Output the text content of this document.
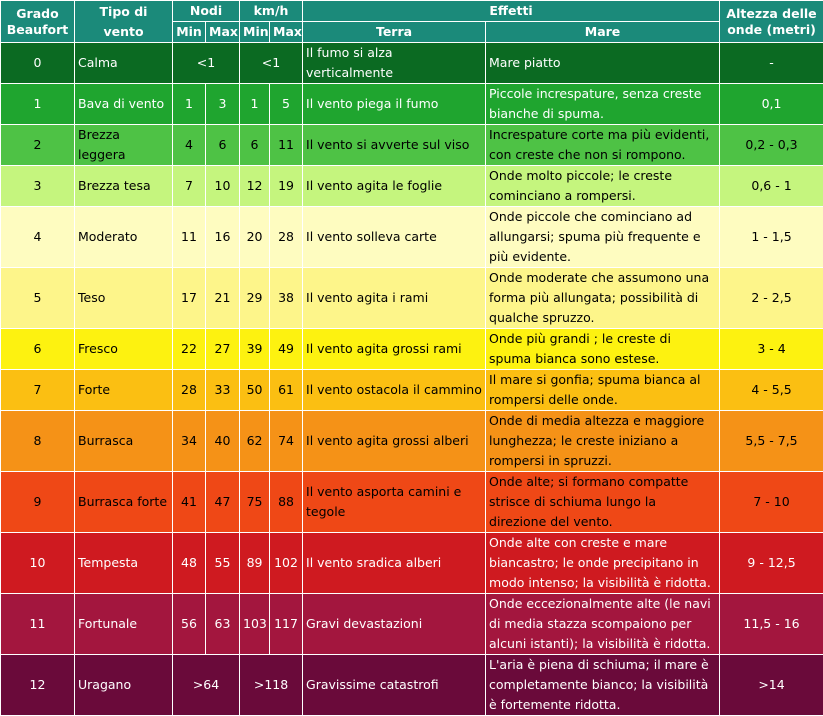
Grado Beaufort	Tipo di vento	Nodi		km/h		Effetti		Altezza delle onde (metri)
		Min	Max	Min	Max	Terra	Mare	
0	Calma	<1		<1		Il fumo si alza verticalmente	Mare piatto	-
1	Bava di vento	1	3	1	5	Il vento piega il fumo	Piccole increspature, senza creste bianche di spuma.	0,1
2	Brezza leggera	4	6	6	11	Il vento si avverte sul viso	Increspature corte ma più evidenti, con creste che non si rompono.	0,2 - 0,3
3	Brezza tesa	7	10	12	19	Il vento agita le foglie	Onde molto piccole; le creste cominciano a rompersi.	0,6 - 1
4	Moderato	11	16	20	28	Il vento solleva carte	Onde piccole che cominciano ad allungarsi; spuma più frequente e più evidente.	1 - 1,5
5	Teso	17	21	29	38	Il vento agita i rami	Onde moderate che assumono una forma più allungata; possibilità di qualche spruzzo.	2 - 2,5
6	Fresco	22	27	39	49	Il vento agita grossi rami	Onde più grandi ; le creste di spuma bianca sono estese.	3 - 4
7	Forte	28	33	50	61	Il vento ostacola il cammino	Il mare si gonfia; spuma bianca al rompersi delle onde.	4 - 5,5
8	Burrasca	34	40	62	74	Il vento agita grossi alberi	Onde di media altezza e maggiore lunghezza; le creste iniziano a rompersi in spruzzi.	5,5 - 7,5
9	Burrasca forte	41	47	75	88	Il vento asporta camini e tegole	Onde alte; si formano compatte strisce di schiuma lungo la direzione del vento.	7 - 10
10	Tempesta	48	55	89	102	Il vento sradica alberi	Onde alte con creste e mare biancastro; le onde precipitano in modo intenso; la visibilità è ridotta.	9 - 12,5
11	Fortunale	56	63	103	117	Gravi devastazioni	Onde eccezionalmente alte (le navi di media stazza scompaiono per alcuni istanti); la visibilità è ridotta.	11,5 - 16
12	Uragano	>64		>118		Gravissime catastrofi	L'aria è piena di schiuma; il mare è completamente bianco; la visibilità è fortemente ridotta.	>14
